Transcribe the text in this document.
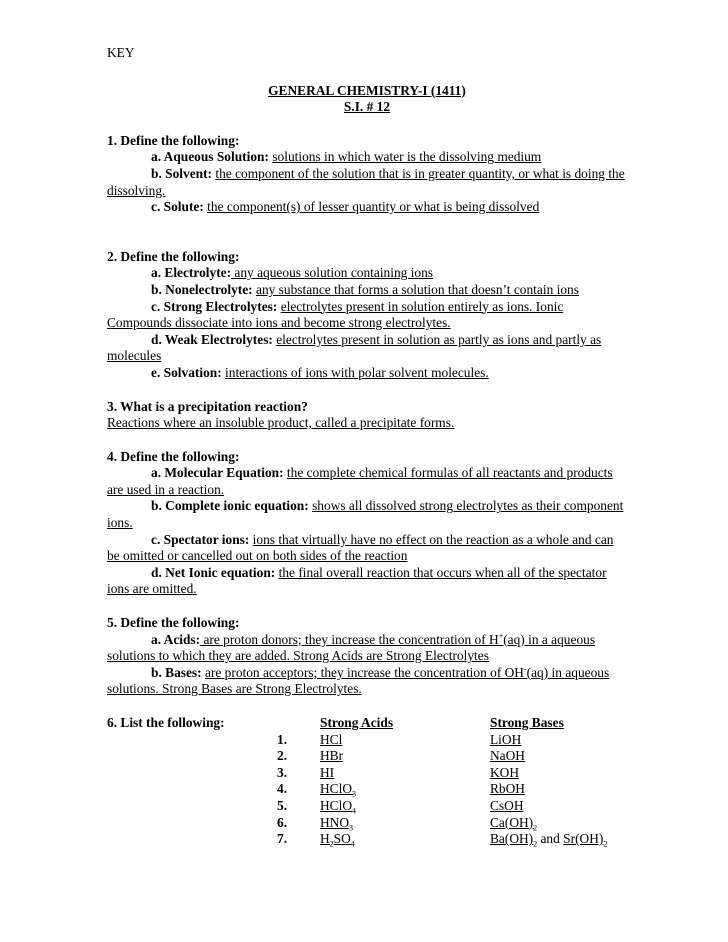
KEY
GENERAL CHEMISTRY-I (1411)
S.I. # 12
1. Define the following:
a. Aqueous Solution: solutions in which water is the dissolving medium
b. Solvent: the component of the solution that is in greater quantity, or what is doing the dissolving.
c. Solute: the component(s) of lesser quantity or what is being dissolved
2. Define the following:
a. Electrolyte: any aqueous solution containing ions
b. Nonelectrolyte: any substance that forms a solution that doesn’t contain ions
c. Strong Electrolytes: electrolytes present in solution entirely as ions. Ionic Compounds dissociate into ions and become strong electrolytes.
d. Weak Electrolytes: electrolytes present in solution as partly as ions and partly as molecules
e. Solvation: interactions of ions with polar solvent molecules.
3. What is a precipitation reaction?
Reactions where an insoluble product, called a precipitate forms.
4. Define the following:
a. Molecular Equation: the complete chemical formulas of all reactants and products are used in a reaction.
b. Complete ionic equation: shows all dissolved strong electrolytes as their component ions.
c. Spectator ions: ions that virtually have no effect on the reaction as a whole and can be omitted or cancelled out on both sides of the reaction
d. Net Ionic equation: the final overall reaction that occurs when all of the spectator ions are omitted.
5. Define the following:
a. Acids: are proton donors; they increase the concentration of H+(aq) in a aqueous solutions to which they are added. Strong Acids are Strong Electrolytes
b. Bases: are proton acceptors; they increase the concentration of OH-(aq) in aqueous solutions. Strong Bases are Strong Electrolytes.
6. List the following:		Strong Acids	Strong Bases
	1.	HCl	LiOH
	2.	HBr	NaOH
	3.	HI	KOH
	4.	HClO$_3$	RbOH
	5.	HClO$_4$	CsOH
	6.	$HNO_3$	$Ca(OH)_2$
	7.	$H_2SO_4$	$Ba(OH)_2$ and $Sr(OH)_2$
